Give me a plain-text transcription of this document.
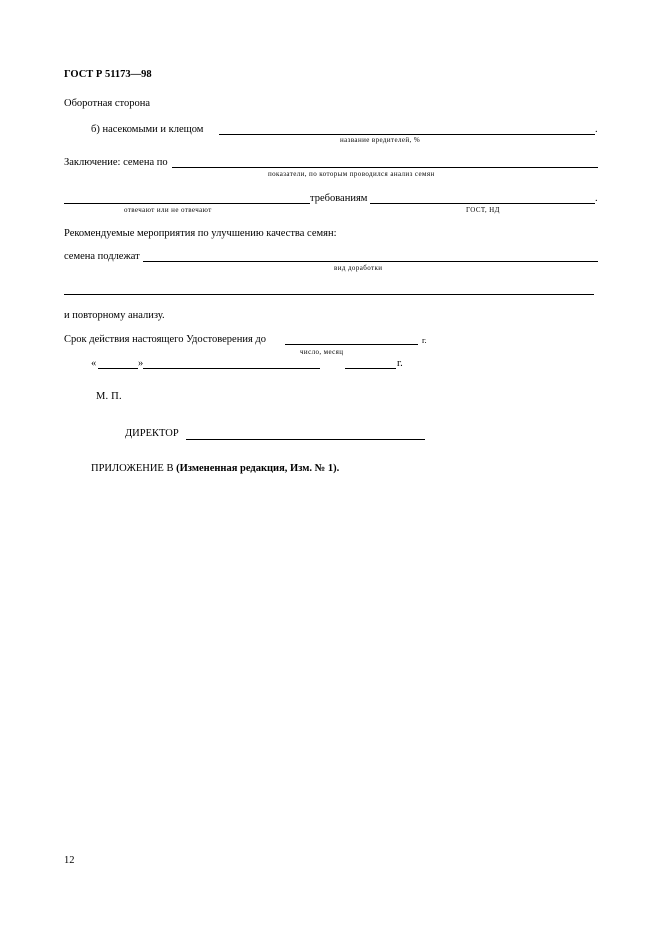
ГОСТ Р 51173—98
Оборотная сторона
б) насекомыми и клещом	.
название вредителей, %
Заключение: семена по
показатели, по которым проводился анализ семян
требованиям	.
отвечают или не отвечают	ГОСТ, НД
Рекомендуемые мероприятия по улучшению качества семян:
семена подлежат
вид доработки
и повторному анализу.
Срок действия настоящего Удостоверения до	г.
число, месяц
«	»	г.
М. П.
ДИРЕКТОР
ПРИЛОЖЕНИЕ В (Измененная редакция, Изм. № 1).
12
